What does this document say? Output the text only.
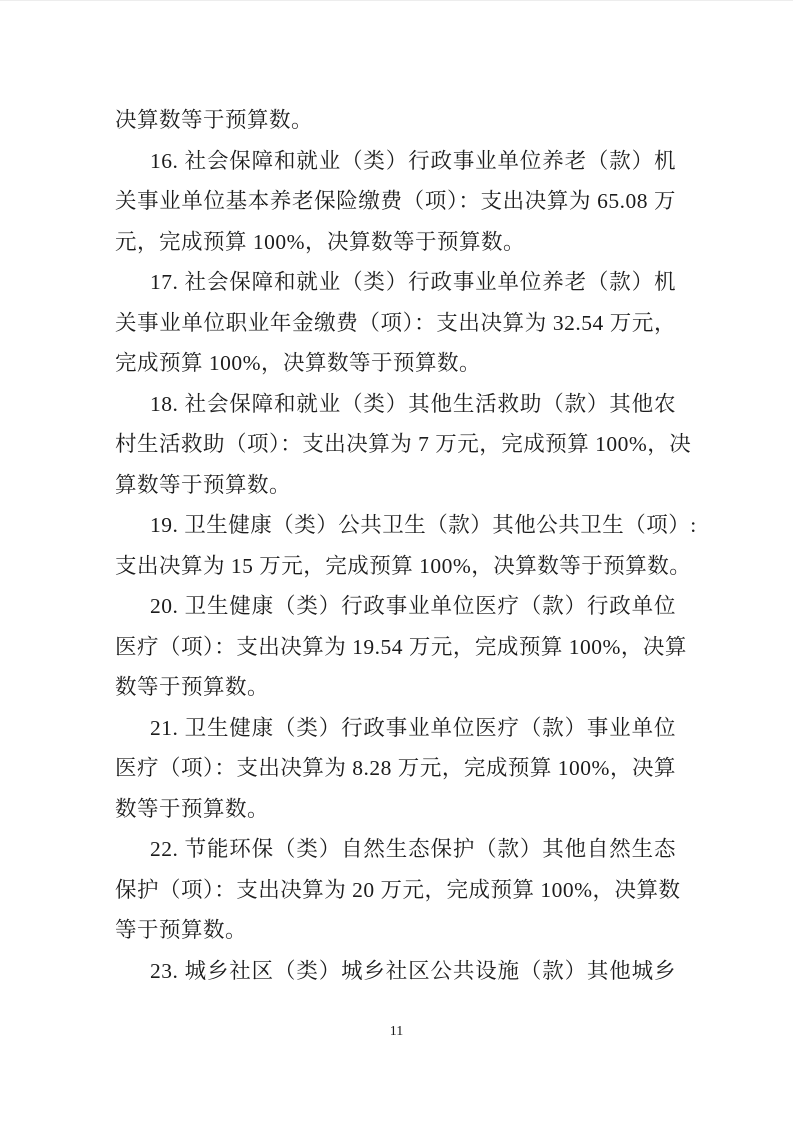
决算数等于预算数。
16. 社会保障和就业（类）行政事业单位养老（款）机
关事业单位基本养老保险缴费（项）：支出决算为 65.08 万
元，完成预算 100%，决算数等于预算数。
17. 社会保障和就业（类）行政事业单位养老（款）机
关事业单位职业年金缴费（项）：支出决算为 32.54 万元，
完成预算 100%，决算数等于预算数。
18. 社会保障和就业（类）其他生活救助（款）其他农
村生活救助（项）：支出决算为 7 万元，完成预算 100%，决
算数等于预算数。
19. 卫生健康（类）公共卫生（款）其他公共卫生（项）:
支出决算为 15 万元，完成预算 100%，决算数等于预算数。
20. 卫生健康（类）行政事业单位医疗（款）行政单位
医疗（项）：支出决算为 19.54 万元，完成预算 100%，决算
数等于预算数。
21. 卫生健康（类）行政事业单位医疗（款）事业单位
医疗（项）：支出决算为 8.28 万元，完成预算 100%，决算
数等于预算数。
22. 节能环保（类）自然生态保护（款）其他自然生态
保护（项）：支出决算为 20 万元，完成预算 100%，决算数
等于预算数。
23. 城乡社区（类）城乡社区公共设施（款）其他城乡
11
